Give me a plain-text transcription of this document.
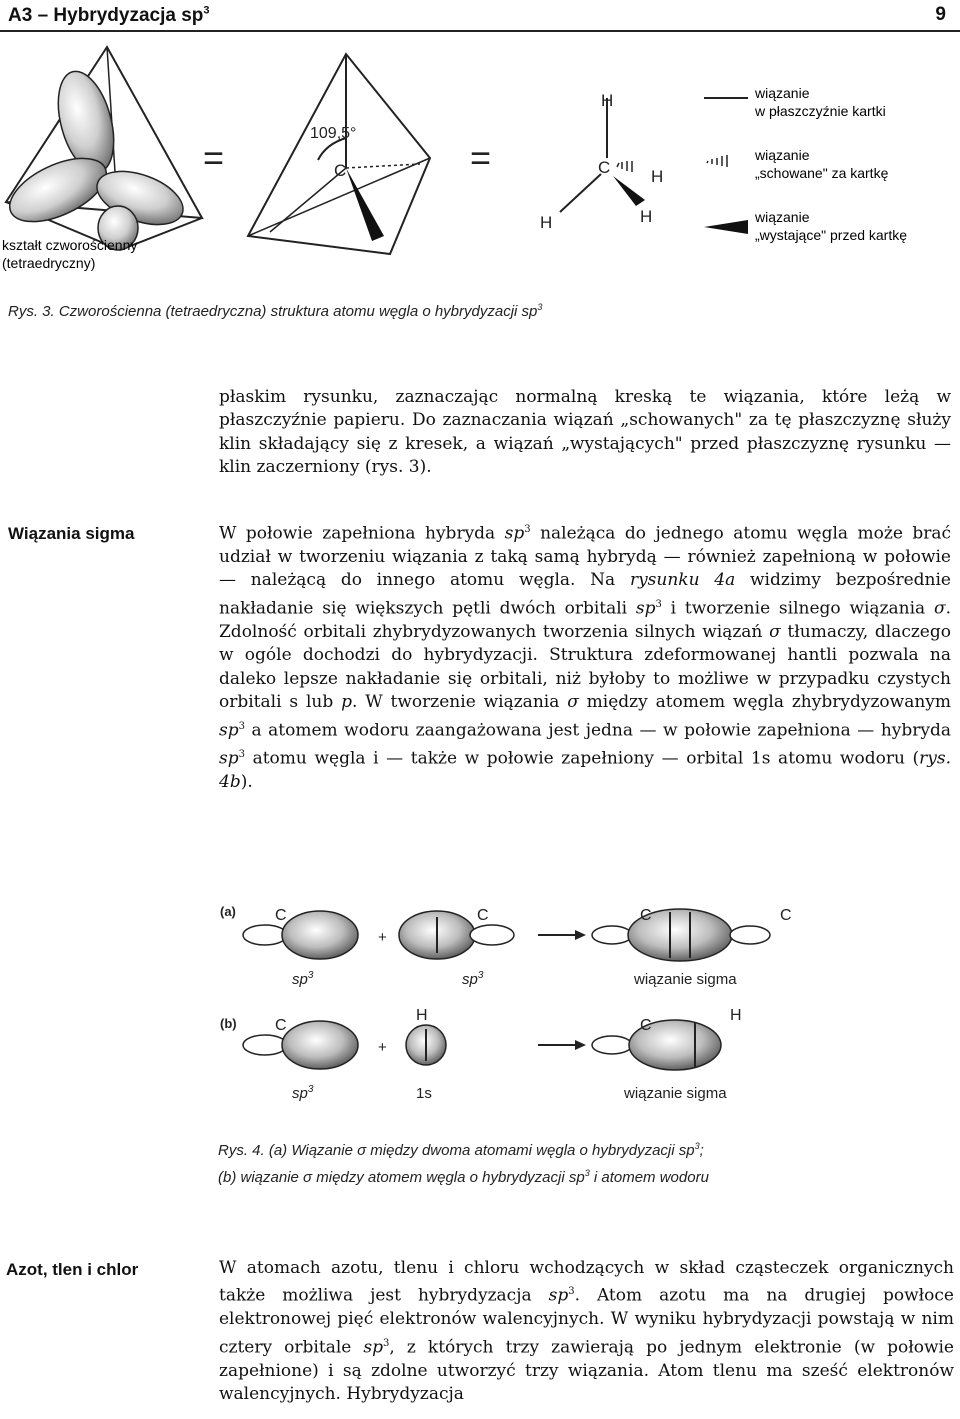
A3 – Hybrydyzacja $sp^3$	9
kształt czworościenny
(tetraedryczny)
=
109,5°
C	=
H
C H
H	H
wiązanie
w płaszczyźnie kartki
wiązanie
„schowane" za kartkę
wiązanie
„wystające" przed kartkę
Rys. 3. Czworościenna (tetraedryczna) struktura atomu węgla o hybrydyzacji $sp^3$

płaskim rysunku, zaznaczając normalną kreską te wiązania, które leżą w płaszczyźnie papieru. Do zaznaczania wiązań „schowanych" za tę płaszczyznę służy klin składający się z kresek, a wiązań „wystających" przed płaszczyznę rysunku — klin zaczerniony (rys. 3).

Wiązania sigma	W połowie zapełniona hybryda $sp^3$ należąca do jednego atomu węgla może brać udział w tworzeniu wiązania z taką samą hybrydą — również zapełnioną w połowie — należącą do innego atomu węgla. Na rysunku 4a widzimy bezpośrednie nakładanie się większych pętli dwóch orbitali $sp^3$ i tworzenie silnego wiązania σ. Zdolność orbitali zhybrydyzowanych tworzenia silnych wiązań σ tłumaczy, dlaczego w ogóle dochodzi do hybrydyzacji. Struktura zdeformowanej hantli pozwala na daleko lepsze nakładanie się orbitali, niż byłoby to możliwe w przypadku czystych orbitali s lub p. W tworzenie wiązania σ między atomem węgla zhybrydyzowanym $sp^3$ a atomem wodoru zaangażowana jest jedna — w połowie zapełniona — hybryda $sp^3$ atomu węgla i — także w połowie zapełniony — orbital 1s atomu wodoru (rys. 4b).

(a)
(b)
C	C
+
C	C
$sp^3$	$sp^3$	wiązanie sigma
C
H
+
C
H
$sp^3$	1s	wiązanie sigma
Rys. 4. (a) Wiązanie σ między dwoma atomami węgla o hybrydyzacji $sp^3$;
(b) wiązanie σ między atomem węgla o hybrydyzacji $sp^3$ i atomem wodoru
Azot, tlen i chlor	W atomach azotu, tlenu i chloru wchodzących w skład cząsteczek organicznych także możliwa jest hybrydyzacja $sp^3$. Atom azotu ma na drugiej powłoce elektronowej pięć elektronów walencyjnych. W wyniku hybrydyzacji powstają w nim cztery orbitale $sp^3$, z których trzy zawierają po jednym elektronie (w połowie zapełnione) i są zdolne utworzyć trzy wiązania. Atom tlenu ma sześć elektronów walencyjnych. Hybrydyzacja
